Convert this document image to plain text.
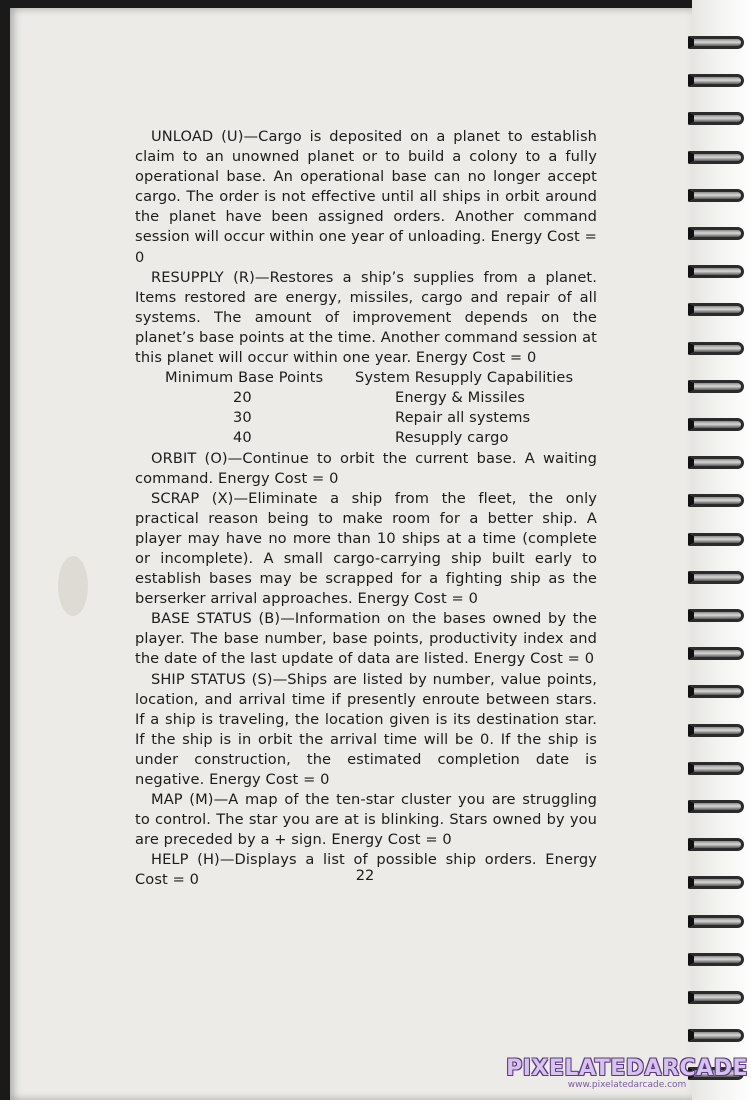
UNLOAD (U)—Cargo is deposited on a planet to establish claim to an unowned planet or to build a colony to a fully operational base. An operational base can no longer accept cargo. The order is not effective until all ships in orbit around the planet have been assigned orders. Another command session will occur within one year of unloading. Energy Cost = 0

RESUPPLY (R)—Restores a ship’s supplies from a planet. Items restored are energy, missiles, cargo and repair of all systems. The amount of improvement depends on the planet’s base points at the time. Another command session at this planet will occur within one year. Energy Cost = 0

Minimum Base Points	System Resupply Capabilities
20	Energy & Missiles
30	Repair all systems
40	Resupply cargo

ORBIT (O)—Continue to orbit the current base. A waiting command. Energy Cost = 0

SCRAP (X)—Eliminate a ship from the fleet, the only practical reason being to make room for a better ship. A player may have no more than 10 ships at a time (complete or incomplete). A small cargo-carrying ship built early to establish bases may be scrapped for a fighting ship as the berserker arrival approaches. Energy Cost = 0

BASE STATUS (B)—Information on the bases owned by the player. The base number, base points, productivity index and the date of the last update of data are listed. Energy Cost = 0

SHIP STATUS (S)—Ships are listed by number, value points, location, and arrival time if presently enroute between stars. If a ship is traveling, the location given is its destination star. If the ship is in orbit the arrival time will be 0. If the ship is under construction, the estimated completion date is negative. Energy Cost = 0

MAP (M)—A map of the ten-star cluster you are struggling to control. The star you are at is blinking. Stars owned by you are preceded by a + sign. Energy Cost = 0

HELP (H)—Displays a list of possible ship orders. Energy Cost = 0	22
PIXELATEDARCADE
www.pixelatedarcade.com
